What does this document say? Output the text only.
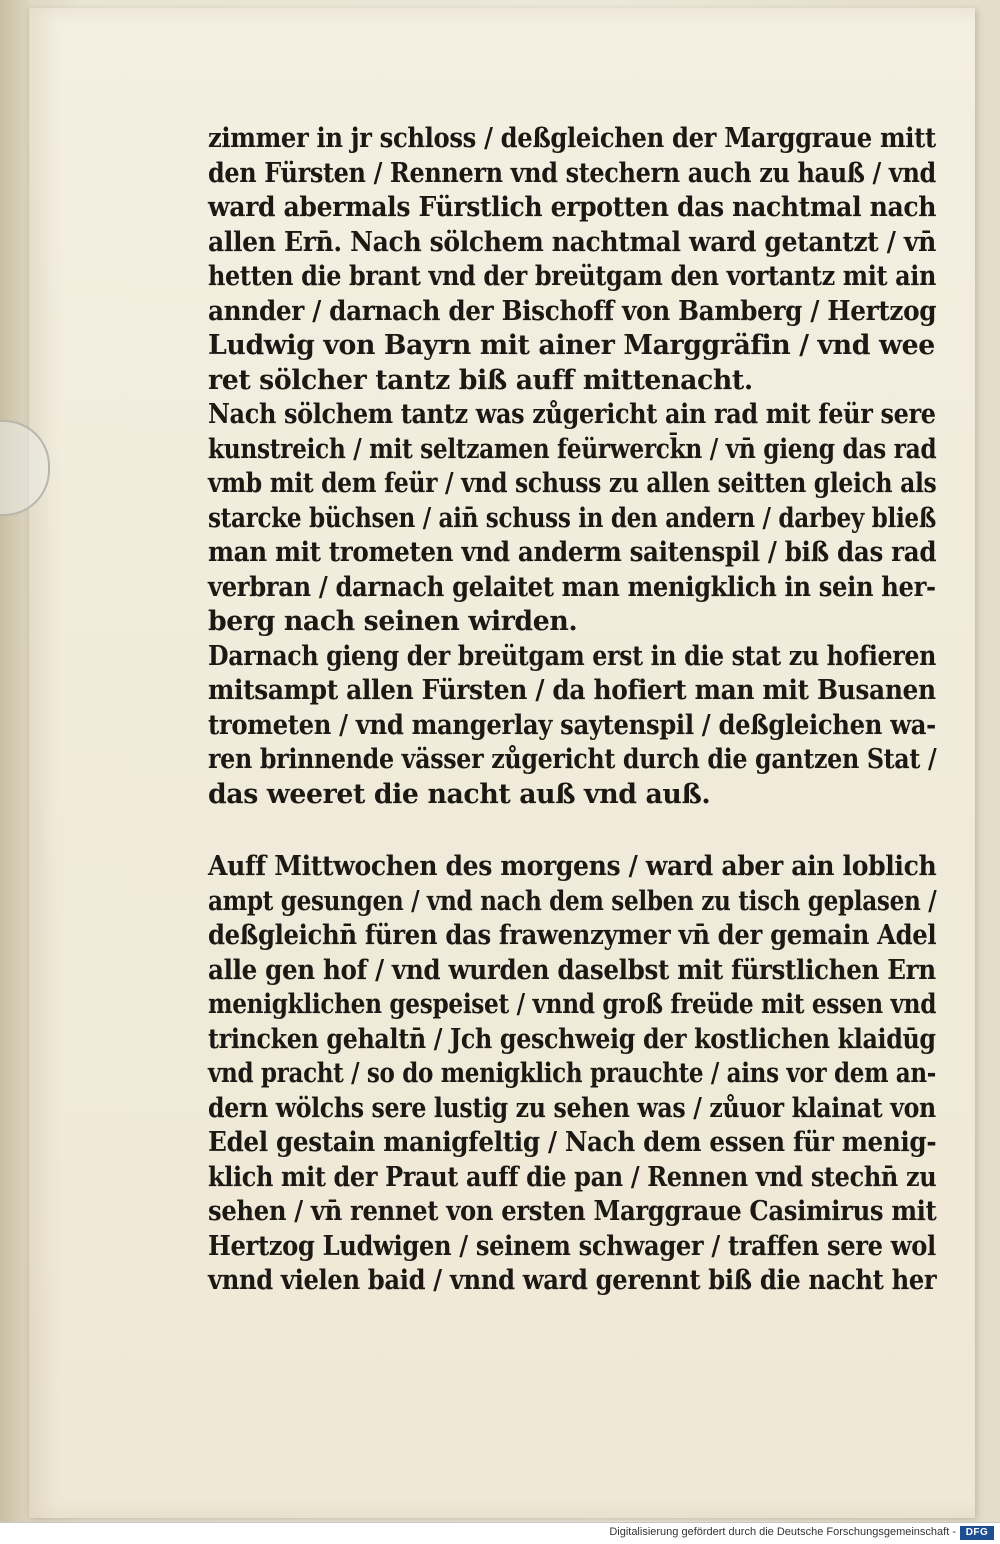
zimmer in jr schloss / deßgleichen der Marggraue mitt
den Fürsten / Rennern vnd stechern auch zu hauß / vnd
ward abermals Fürstlich erpotten das nachtmal nach
allen Ern̄. Nach sölchem nachtmal ward getantzt / vn̄
hetten die brant vnd der breütgam den vortantz mit ain
annder / darnach der Bischoff von Bamberg / Hertzog
Ludwig von Bayrn mit ainer Marggräfin / vnd wee
ret sölcher tantz biß auff mittenacht.
Nach sölchem tantz was zůgericht ain rad mit feür sere
kunstreich / mit seltzamen feürwerck̄n / vn̄ gieng das rad
vmb mit dem feür / vnd schuss zu allen seitten gleich als
starcke büchsen / ain̄ schuss in den andern / darbey bließ
man mit trometen vnd anderm saitenspil / biß das rad
verbran / darnach gelaitet man menigklich in sein her-
berg nach seinen wirden.
Darnach gieng der breütgam erst in die stat zu hofieren
mitsampt allen Fürsten / da hofiert man mit Busanen
trometen / vnd mangerlay saytenspil / deßgleichen wa-
ren brinnende vässer zůgericht durch die gantzen Stat /
das weeret die nacht auß vnd auß.
Auff Mittwochen des morgens / ward aber ain loblich
ampt gesungen / vnd nach dem selben zu tisch geplasen /
deßgleichn̄ füren das frawenzymer vn̄ der gemain Adel
alle gen hof / vnd wurden daselbst mit fürstlichen Ern
menigklichen gespeiset / vnnd groß freüde mit essen vnd
trincken gehaltn̄ / Jch geschweig der kostlichen klaidūg
vnd pracht / so do menigklich prauchte / ains vor dem an-
dern wölchs sere lustig zu sehen was / zůuor klainat von
Edel gestain manigfeltig / Nach dem essen für menig-
klich mit der Praut auff die pan / Rennen vnd stechn̄ zu
sehen / vn̄ rennet von ersten Marggraue Casimirus mit
Hertzog Ludwigen / seinem schwager / traffen sere wol
vnnd vielen baid / vnnd ward gerennt biß die nacht her
Digitalisierung gefördert durch die Deutsche Forschungsgemeinschaft - DFG
